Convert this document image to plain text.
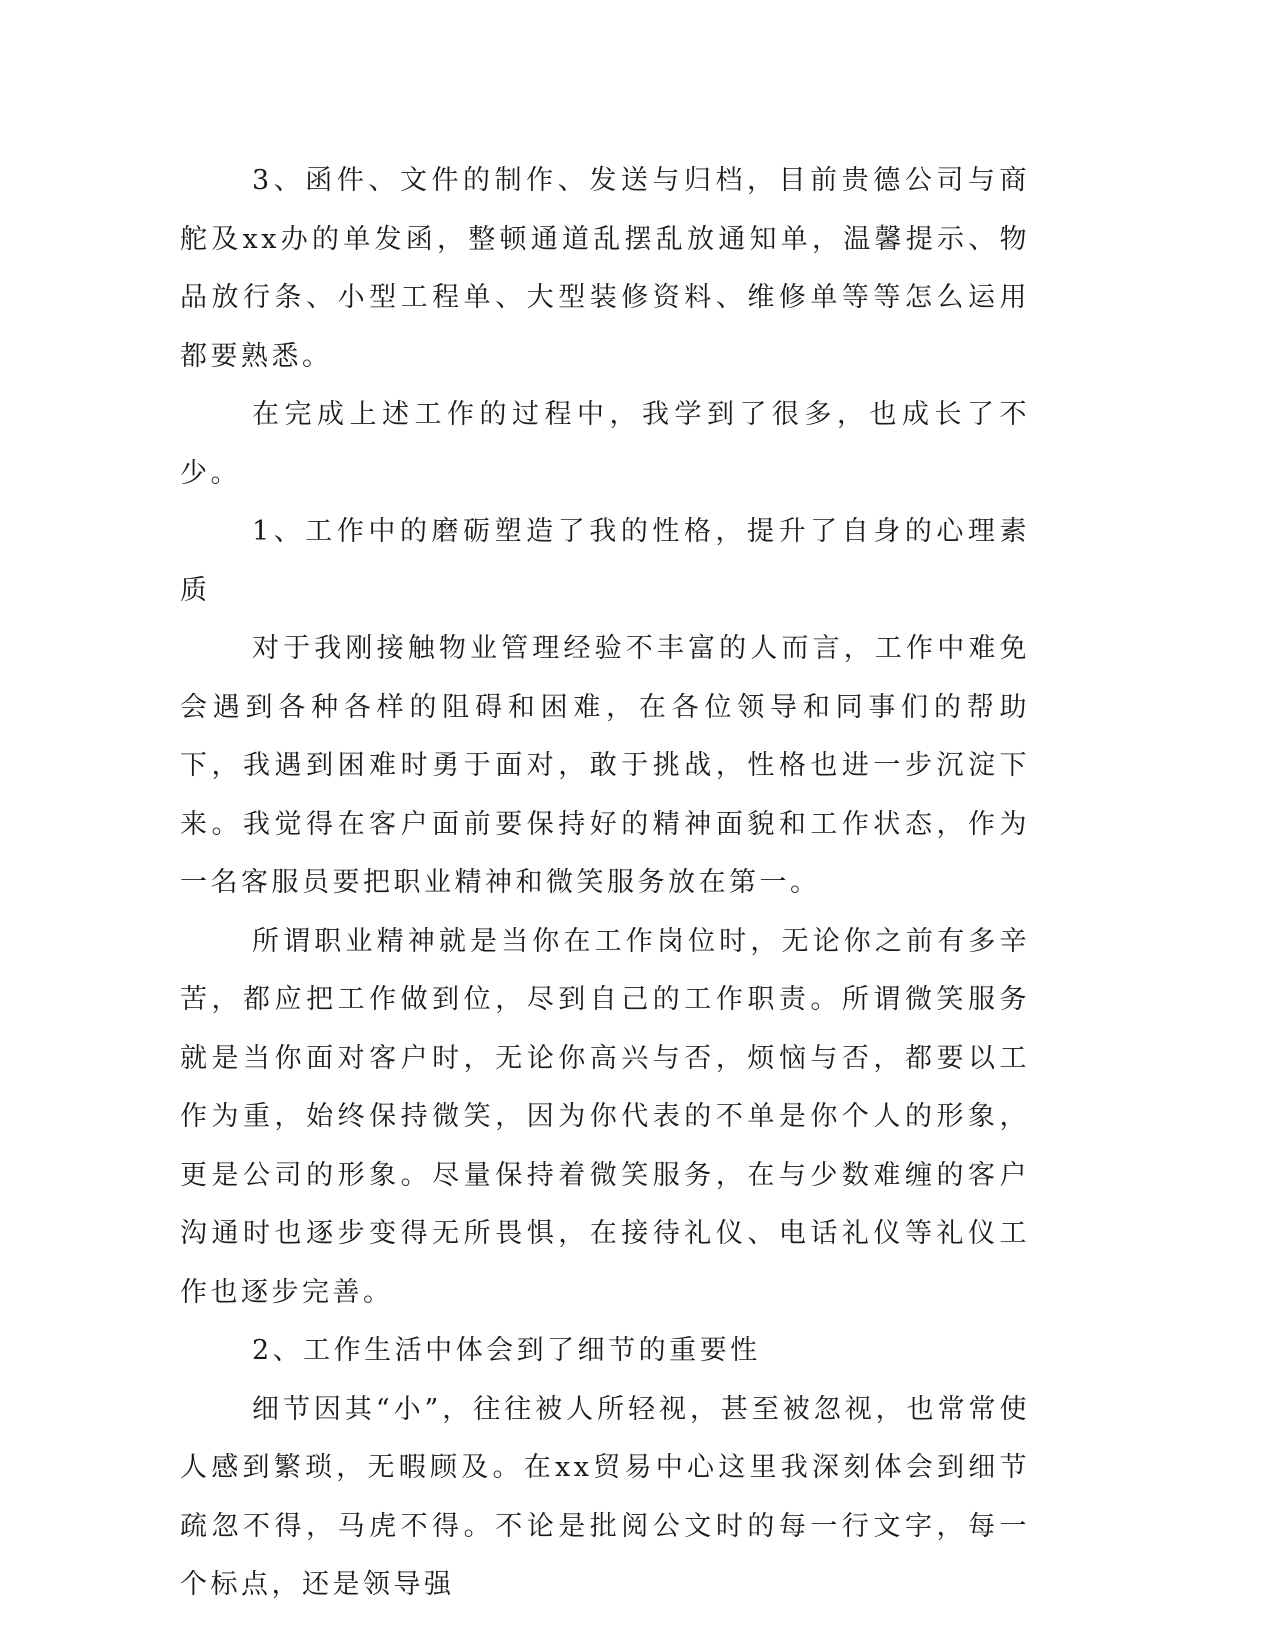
3、函件、文件的制作、发送与归档，目前贵德公司与商舵及xx办的单发函，整顿通道乱摆乱放通知单，温馨提示、物品放行条、小型工程单、大型装修资料、维修单等等怎么运用都要熟悉。

在完成上述工作的过程中，我学到了很多，也成长了不少。

1、工作中的磨砺塑造了我的性格，提升了自身的心理素质

对于我刚接触物业管理经验不丰富的人而言，工作中难免会遇到各种各样的阻碍和困难，在各位领导和同事们的帮助下，我遇到困难时勇于面对，敢于挑战，性格也进一步沉淀下来。我觉得在客户面前要保持好的精神面貌和工作状态，作为一名客服员要把职业精神和微笑服务放在第一。

所谓职业精神就是当你在工作岗位时，无论你之前有多辛苦，都应把工作做到位，尽到自己的工作职责。所谓微笑服务就是当你面对客户时，无论你高兴与否，烦恼与否，都要以工作为重，始终保持微笑，因为你代表的不单是你个人的形象，更是公司的形象。尽量保持着微笑服务，在与少数难缠的客户沟通时也逐步变得无所畏惧，在接待礼仪、电话礼仪等礼仪工作也逐步完善。

2、工作生活中体会到了细节的重要性

细节因其“小”，往往被人所轻视，甚至被忽视，也常常使人感到繁琐，无暇顾及。在xx贸易中心这里我深刻体会到细节疏忽不得，马虎不得。不论是批阅公文时的每一行文字，每一个标点，还是领导强
